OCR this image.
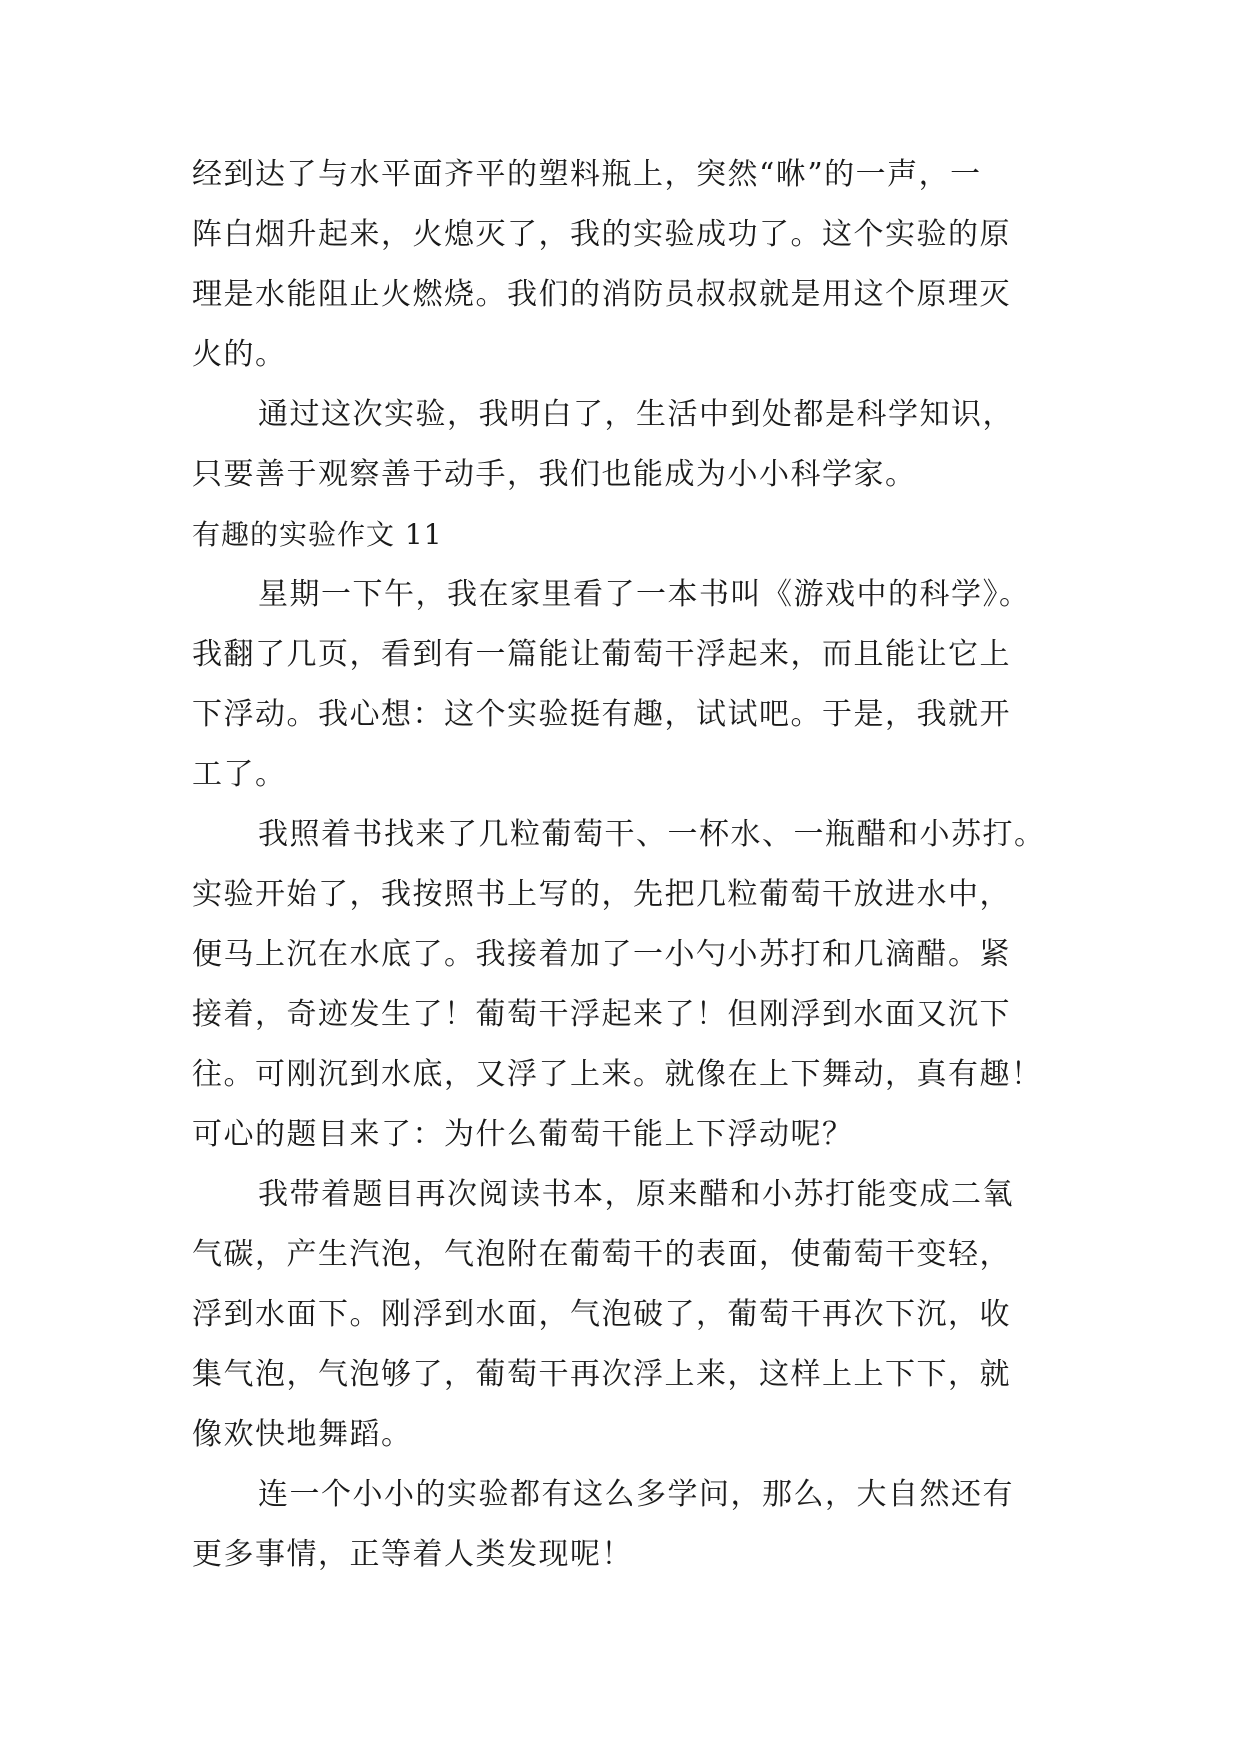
经到达了与水平面齐平的塑料瓶上，突然“咻”的一声，一
阵白烟升起来，火熄灭了，我的实验成功了。这个实验的原
理是水能阻止火燃烧。我们的消防员叔叔就是用这个原理灭
火的。
通过这次实验，我明白了，生活中到处都是科学知识，
只要善于观察善于动手，我们也能成为小小科学家。
有趣的实验作文 11
星期一下午，我在家里看了一本书叫《游戏中的科学》。
我翻了几页，看到有一篇能让葡萄干浮起来，而且能让它上
下浮动。我心想：这个实验挺有趣，试试吧。于是，我就开
工了。
我照着书找来了几粒葡萄干、一杯水、一瓶醋和小苏打。
实验开始了，我按照书上写的，先把几粒葡萄干放进水中，
便马上沉在水底了。我接着加了一小勺小苏打和几滴醋。紧
接着，奇迹发生了！葡萄干浮起来了！但刚浮到水面又沉下
往。可刚沉到水底，又浮了上来。就像在上下舞动，真有趣！
可心的题目来了：为什么葡萄干能上下浮动呢？
我带着题目再次阅读书本，原来醋和小苏打能变成二氧
气碳，产生汽泡，气泡附在葡萄干的表面，使葡萄干变轻，
浮到水面下。刚浮到水面，气泡破了，葡萄干再次下沉，收
集气泡，气泡够了，葡萄干再次浮上来，这样上上下下，就
像欢快地舞蹈。
连一个小小的实验都有这么多学问，那么，大自然还有
更多事情，正等着人类发现呢！
